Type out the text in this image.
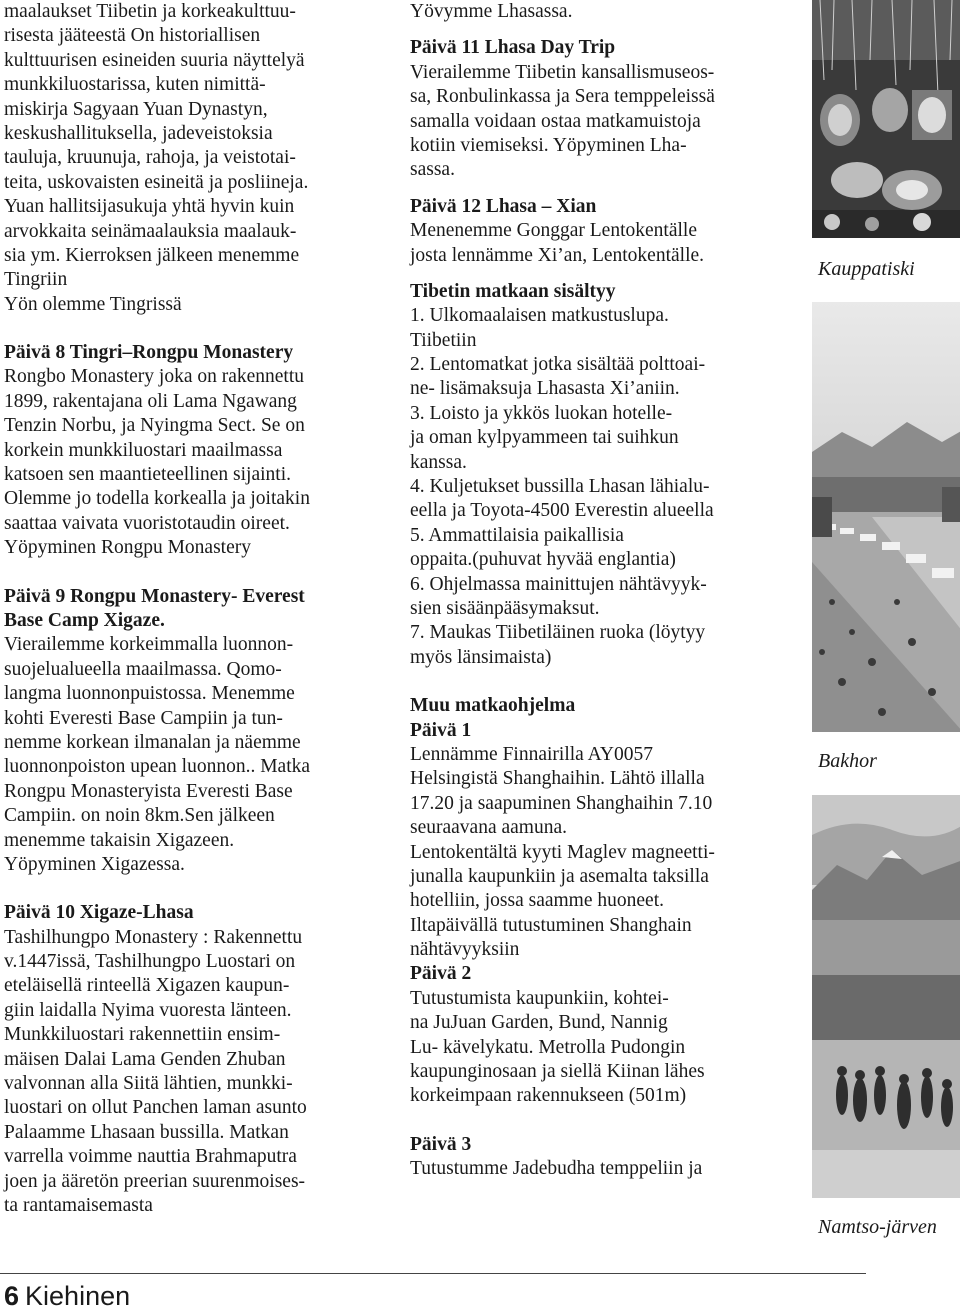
maalaukset Tiibetin ja korkeakulttuu-

risesta jääteestä On historiallisen

kulttuurisen esineiden suuria näyttelyä

munkkiluostarissa, kuten nimittä-

miskirja Sagyaan Yuan Dynastyn,

keskushallituksella, jadeveistoksia

tauluja, kruunuja, rahoja, ja veistotai-

teita, uskovaisten esineitä ja posliineja.

Yuan hallitsijasukuja yhtä hyvin kuin

arvokkaita seinämaalauksia maalauk-

sia ym. Kierroksen jälkeen menemme

Tingriin

Yön olemme Tingrissä

Päivä 8 Tingri–Rongpu Monastery

Rongbo Monastery joka on rakennettu

1899, rakentajana oli Lama Ngawang

Tenzin Norbu, ja Nyingma Sect. Se on

korkein munkkiluostari maailmassa

katsoen sen maantieteellinen sijainti.

Olemme jo todella korkealla ja joitakin

saattaa vaivata vuoristotaudin oireet.

Yöpyminen Rongpu Monastery

Päivä 9 Rongpu Monastery- Everest

Base Camp Xigaze.

Vierailemme korkeimmalla luonnon-

suojelualueella maailmassa. Qomo-

langma luonnonpuistossa. Menemme

kohti Everesti Base Campiin ja tun-

nemme korkean ilmanalan ja näemme

luonnonpoiston upean luonnon.. Matka

Rongpu Monasteryista Everesti Base

Campiin. on noin 8km.Sen jälkeen

menemme takaisin Xigazeen.

Yöpyminen Xigazessa.

Päivä 10 Xigaze-Lhasa

Tashilhungpo Monastery : Rakennettu

v.1447issä, Tashilhungpo Luostari on

eteläisellä rinteellä Xigazen kaupun-

giin laidalla Nyima vuoresta länteen.

Munkkiluostari rakennettiin ensim-

mäisen Dalai Lama Genden Zhuban

valvonnan alla Siitä lähtien, munkki-

luostari on ollut Panchen laman asunto

Palaamme Lhasaan bussilla. Matkan

varrella voimme nauttia Brahmaputra

joen ja ääretön preerian suurenmoises-

ta rantamaisemasta

Yövymme Lhasassa.

Päivä 11 Lhasa Day Trip

Vierailemme Tiibetin kansallismuseos-

sa, Ronbulinkassa ja Sera temppeleissä

samalla voidaan ostaa matkamuistoja

kotiin viemiseksi. Yöpyminen Lha-

sassa.

Päivä 12 Lhasa – Xian

Menenemme Gonggar Lentokentälle

josta lennämme Xi’an, Lentokentälle.

Tibetin matkaan sisältyy

1. Ulkomaalaisen matkustuslupa.

Tiibetiin

2. Lentomatkat jotka sisältää polttoai-

ne- lisämaksuja Lhasasta Xi’aniin.

3. Loisto ja ykkös luokan hotelle-

ja oman kylpyammeen tai suihkun

kanssa.

4. Kuljetukset bussilla Lhasan lähialu-

eella ja Toyota-4500 Everestin alueella

5. Ammattilaisia paikallisia

oppaita.(puhuvat hyvää englantia)

6. Ohjelmassa mainittujen nähtävyyk-

sien sisäänpääsymaksut.

7. Maukas Tiibetiläinen ruoka (löytyy

myös länsimaista)

Muu matkaohjelma

Päivä 1

Lennämme Finnairilla AY0057

Helsingistä Shanghaihin. Lähtö illalla

17.20 ja saapuminen Shanghaihin 7.10

seuraavana aamuna.

Lentokentältä kyyti Maglev magneetti-

junalla kaupunkiin ja asemalta taksilla

hotelliin, jossa saamme huoneet.

Iltapäivällä tutustuminen Shanghain

nähtävyyksiin

Päivä 2

Tutustumista kaupunkiin, kohtei-

na JuJuan Garden, Bund, Nannig

Lu- kävelykatu. Metrolla Pudongin

kaupunginosaan ja siellä Kiinan lähes

korkeimpaan rakennukseen (501m)

Päivä 3

Tutustumme Jadebudha temppeliin ja

Kauppatiski
Bakhor
Namtso-järven
6 Kiehinen
